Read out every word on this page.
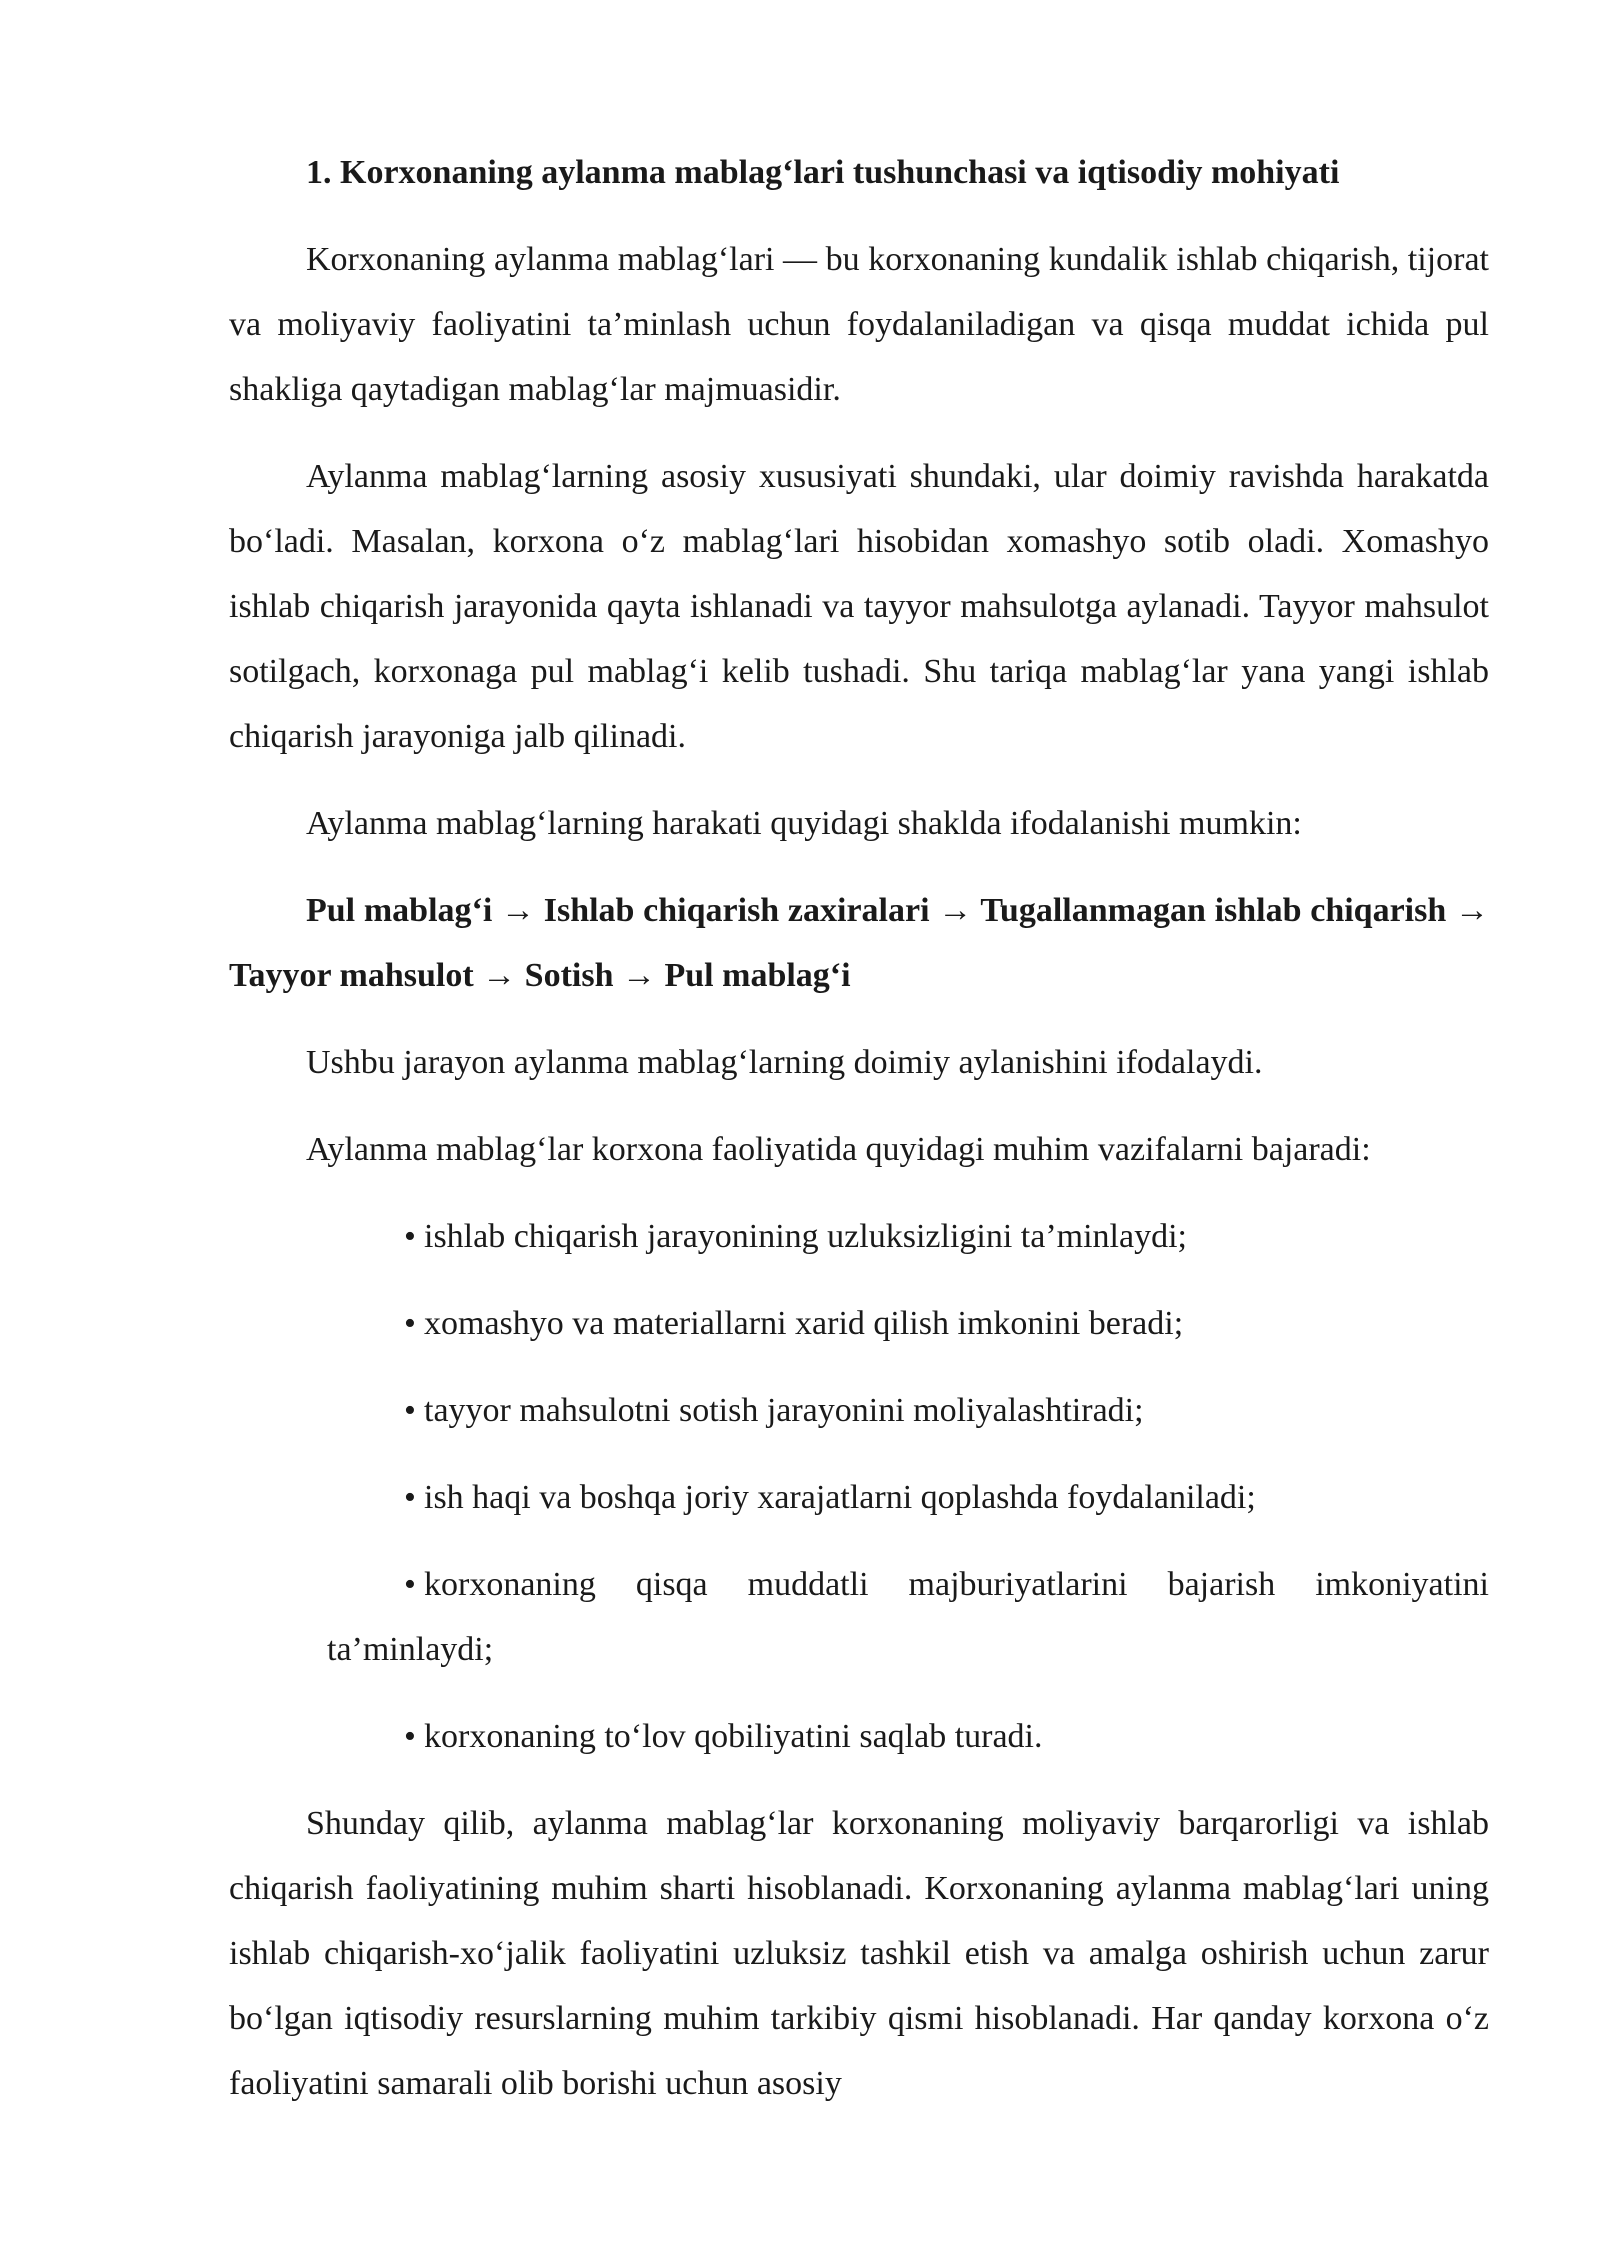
1. Korxonaning aylanma mablag‘lari tushunchasi va iqtisodiy mohiyati

Korxonaning aylanma mablag‘lari — bu korxonaning kundalik ishlab chiqarish, tijorat va moliyaviy faoliyatini ta’minlash uchun foydalaniladigan va qisqa muddat ichida pul shakliga qaytadigan mablag‘lar majmuasidir.

Aylanma mablag‘larning asosiy xususiyati shundaki, ular doimiy ravishda harakatda bo‘ladi. Masalan, korxona o‘z mablag‘lari hisobidan xomashyo sotib oladi. Xomashyo ishlab chiqarish jarayonida qayta ishlanadi va tayyor mahsulotga aylanadi. Tayyor mahsulot sotilgach, korxonaga pul mablag‘i kelib tushadi. Shu tariqa mablag‘lar yana yangi ishlab chiqarish jarayoniga jalb qilinadi.

Aylanma mablag‘larning harakati quyidagi shaklda ifodalanishi mumkin:

Pul mablag‘i → Ishlab chiqarish zaxiralari → Tugallanmagan ishlab chiqarish → Tayyor mahsulot → Sotish → Pul mablag‘i

Ushbu jarayon aylanma mablag‘larning doimiy aylanishini ifodalaydi.

Aylanma mablag‘lar korxona faoliyatida quyidagi muhim vazifalarni bajaradi:

• ishlab chiqarish jarayonining uzluksizligini ta’minlaydi;
• xomashyo va materiallarni xarid qilish imkonini beradi;
• tayyor mahsulotni sotish jarayonini moliyalashtiradi;
• ish haqi va boshqa joriy xarajatlarni qoplashda foydalaniladi;
• korxonaning qisqa muddatli majburiyatlarini bajarish imkoniyatini ta’minlaydi;
• korxonaning to‘lov qobiliyatini saqlab turadi.

Shunday qilib, aylanma mablag‘lar korxonaning moliyaviy barqarorligi va ishlab chiqarish faoliyatining muhim sharti hisoblanadi. Korxonaning aylanma mablag‘lari uning ishlab chiqarish-xo‘jalik faoliyatini uzluksiz tashkil etish va amalga oshirish uchun zarur bo‘lgan iqtisodiy resurslarning muhim tarkibiy qismi hisoblanadi. Har qanday korxona o‘z faoliyatini samarali olib borishi uchun asosiy
